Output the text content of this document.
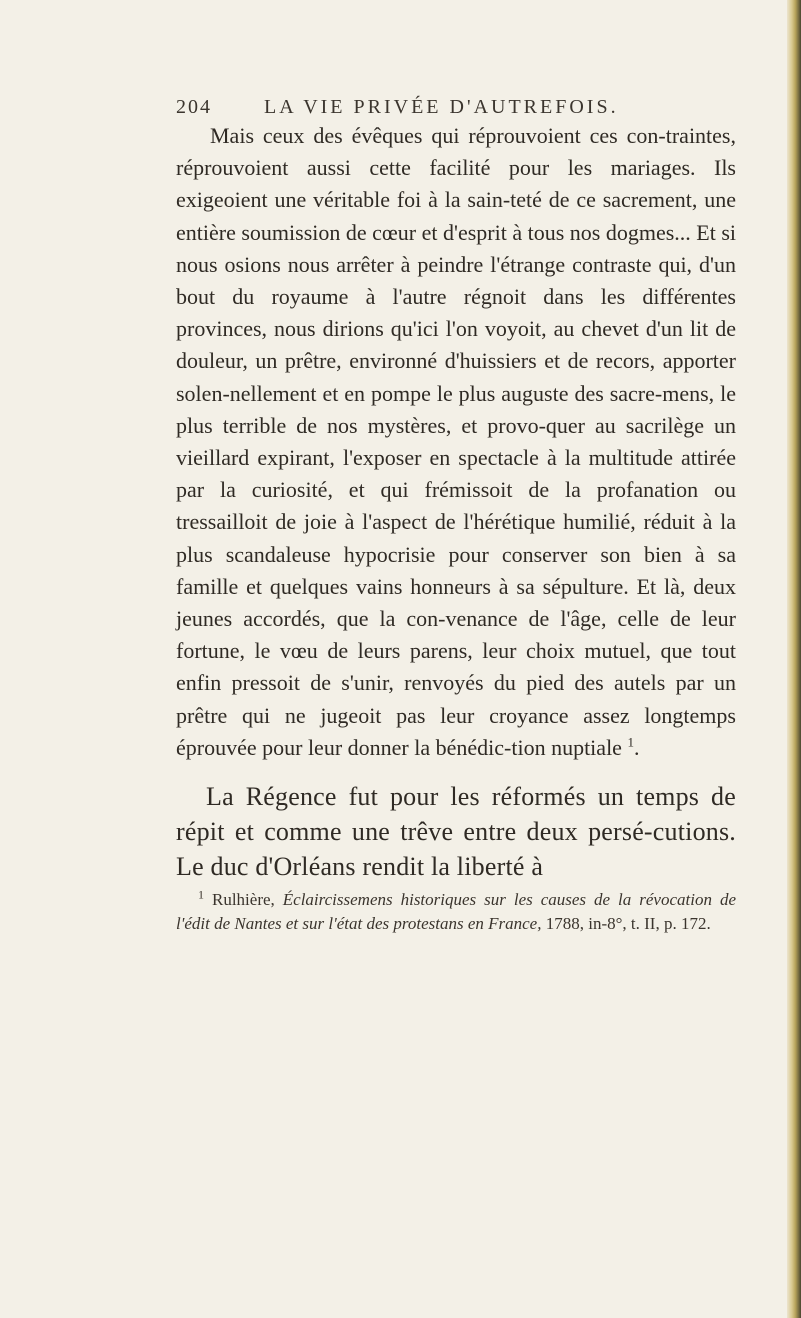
204	LA VIE PRIVÉE D'AUTREFOIS.

Mais ceux des évêques qui réprouvoient ces con-traintes, réprouvoient aussi cette facilité pour les mariages. Ils exigeoient une véritable foi à la sain-teté de ce sacrement, une entière soumission de cœur et d'esprit à tous nos dogmes... Et si nous osions nous arrêter à peindre l'étrange contraste qui, d'un bout du royaume à l'autre régnoit dans les différentes provinces, nous dirions qu'ici l'on voyoit, au chevet d'un lit de douleur, un prêtre, environné d'huissiers et de recors, apporter solen-nellement et en pompe le plus auguste des sacre-mens, le plus terrible de nos mystères, et provo-quer au sacrilège un vieillard expirant, l'exposer en spectacle à la multitude attirée par la curiosité, et qui frémissoit de la profanation ou tressailloit de joie à l'aspect de l'hérétique humilié, réduit à la plus scandaleuse hypocrisie pour conserver son bien à sa famille et quelques vains honneurs à sa sépulture. Et là, deux jeunes accordés, que la con-venance de l'âge, celle de leur fortune, le vœu de leurs parens, leur choix mutuel, que tout enfin pressoit de s'unir, renvoyés du pied des autels par un prêtre qui ne jugeoit pas leur croyance assez longtemps éprouvée pour leur donner la bénédic-tion nuptiale $^1$.

La Régence fut pour les réformés un temps de répit et comme une trêve entre deux persé-cutions. Le duc d'Orléans rendit la liberté à

$^1$ Rulhière, Éclaircissemens historiques sur les causes de la révocation de l'édit de Nantes et sur l'état des protestans en France, 1788, in-8°, t. II, p. 172.
